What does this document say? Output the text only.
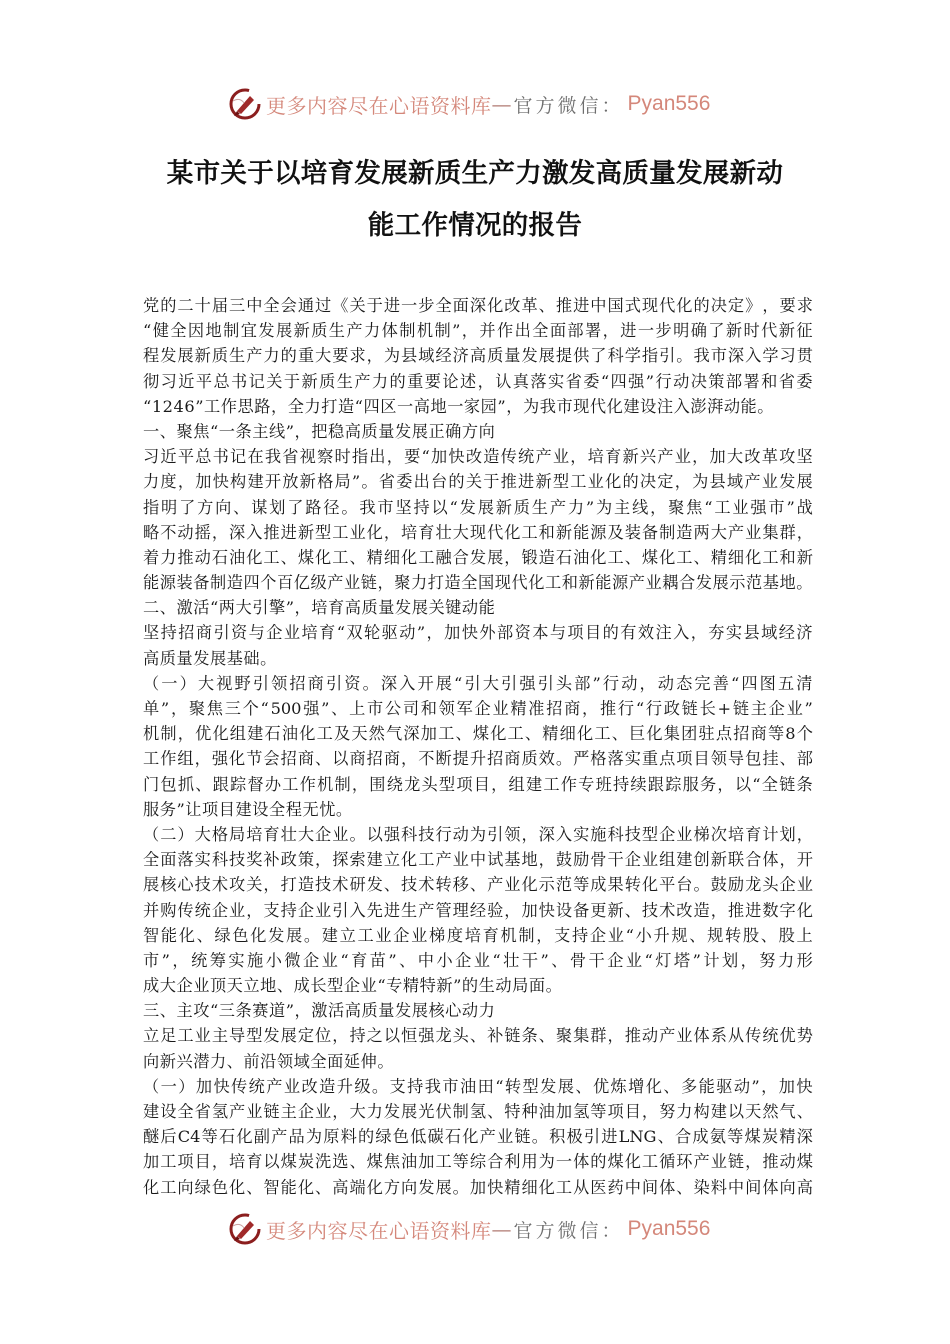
更多内容尽在心语资料库 — 官方微信： Pyan556
某市关于以培育发展新质生产力激发高质量发展新动
能工作情况的报告
党 的 二 十 届 三 中 全 会 通 过 《 关 于 进 一 步 全 面 深 化 改 革 、 推 进 中 国 式 现 代 化 的 决 定 》 ， 要 求
“ 健 全 因 地 制 宜 发 展 新 质 生 产 力 体 制 机 制 ” ， 并 作 出 全 面 部 署 ， 进 一 步 明 确 了 新 时 代 新 征
程 发 展 新 质 生 产 力 的 重 大 要 求 ， 为 县 域 经 济 高 质 量 发 展 提 供 了 科 学 指 引 。 我 市 深 入 学 习 贯
彻 习 近 平 总 书 记 关 于 新 质 生 产 力 的 重 要 论 述 ， 认 真 落 实 省 委 “ 四 强 ” 行 动 决 策 部 署 和 省 委
“1246”工作思路，全力打造“四区一高地一家园”，为我市现代化建设注入澎湃动能。
一、聚焦“一条主线”，把稳高质量发展正确方向
习 近 平 总 书 记 在 我 省 视 察 时 指 出 ， 要 “ 加 快 改 造 传 统 产 业 ， 培 育 新 兴 产 业 ， 加 大 改 革 攻 坚
力 度 ， 加 快 构 建 开 放 新 格 局 ” 。 省 委 出 台 的 关 于 推 进 新 型 工 业 化 的 决 定 ， 为 县 域 产 业 发 展
指 明 了 方 向 、 谋 划 了 路 径 。 我 市 坚 持 以 “ 发 展 新 质 生 产 力 ” 为 主 线 ， 聚 焦 “ 工 业 强 市 ” 战
略 不 动 摇 ， 深 入 推 进 新 型 工 业 化 ， 培 育 壮 大 现 代 化 工 和 新 能 源 及 装 备 制 造 两 大 产 业 集 群 ，
着 力 推 动 石 油 化 工 、 煤 化 工 、 精 细 化 工 融 合 发 展 ， 锻 造 石 油 化 工 、 煤 化 工 、 精 细 化 工 和 新
能 源 装 备 制 造 四 个 百 亿 级 产 业 链 ， 聚 力 打 造 全 国 现 代 化 工 和 新 能 源 产 业 耦 合 发 展 示 范 基 地 。
二、激活“两大引擎”，培育高质量发展关键动能
坚 持 招 商 引 资 与 企 业 培 育 “ 双 轮 驱 动 ” ， 加 快 外 部 资 本 与 项 目 的 有 效 注 入 ， 夯 实 县 域 经 济
高质量发展基础。
（ 一 ） 大 视 野 引 领 招 商 引 资 。 深 入 开 展 “ 引 大 引 强 引 头 部 ” 行 动 ， 动 态 完 善 “ 四 图 五 清
单 ” ， 聚 焦 三 个 “ 500 强 ” 、 上 市 公 司 和 领 军 企 业 精 准 招 商 ， 推 行 “ 行 政 链 长 + 链 主 企 业 ”
机 制 ， 优 化 组 建 石 油 化 工 及 天 然 气 深 加 工 、 煤 化 工 、 精 细 化 工 、 巨 化 集 团 驻 点 招 商 等 8 个
工 作 组 ， 强 化 节 会 招 商 、 以 商 招 商 ， 不 断 提 升 招 商 质 效 。 严 格 落 实 重 点 项 目 领 导 包 挂 、 部
门 包 抓 、 跟 踪 督 办 工 作 机 制 ， 围 绕 龙 头 型 项 目 ， 组 建 工 作 专 班 持 续 跟 踪 服 务 ， 以 “ 全 链 条
服务”让项目建设全程无忧。
（ 二 ） 大 格 局 培 育 壮 大 企 业 。 以 强 科 技 行 动 为 引 领 ， 深 入 实 施 科 技 型 企 业 梯 次 培 育 计 划 ，
全 面 落 实 科 技 奖 补 政 策 ， 探 索 建 立 化 工 产 业 中 试 基 地 ， 鼓 励 骨 干 企 业 组 建 创 新 联 合 体 ， 开
展 核 心 技 术 攻 关 ， 打 造 技 术 研 发 、 技 术 转 移 、 产 业 化 示 范 等 成 果 转 化 平 台 。 鼓 励 龙 头 企 业
并 购 传 统 企 业 ， 支 持 企 业 引 入 先 进 生 产 管 理 经 验 ， 加 快 设 备 更 新 、 技 术 改 造 ， 推 进 数 字 化
智 能 化 、 绿 色 化 发 展 。 建 立 工 业 企 业 梯 度 培 育 机 制 ， 支 持 企 业 “ 小 升 规 、 规 转 股 、 股 上
市 ” ， 统 筹 实 施 小 微 企 业 “ 育 苗 ” 、 中 小 企 业 “ 壮 干 ” 、 骨 干 企 业 “ 灯 塔 ” 计 划 ， 努 力 形
成大企业顶天立地、成长型企业“专精特新”的生动局面。
三、主攻“三条赛道”，激活高质量发展核心动力
立 足 工 业 主 导 型 发 展 定 位 ， 持 之 以 恒 强 龙 头 、 补 链 条 、 聚 集 群 ， 推 动 产 业 体 系 从 传 统 优 势
向新兴潜力、前沿领域全面延伸。
（ 一 ） 加 快 传 统 产 业 改 造 升 级 。 支 持 我 市 油 田 “ 转 型 发 展 、 优 炼 增 化 、 多 能 驱 动 ” ， 加 快
建 设 全 省 氢 产 业 链 主 企 业 ， 大 力 发 展 光 伏 制 氢 、 特 种 油 加 氢 等 项 目 ， 努 力 构 建 以 天 然 气 、
醚 后 C4 等 石 化 副 产 品 为 原 料 的 绿 色 低 碳 石 化 产 业 链 。 积 极 引 进 LNG 、 合 成 氨 等 煤 炭 精 深
加 工 项 目 ， 培 育 以 煤 炭 洗 选 、 煤 焦 油 加 工 等 综 合 利 用 为 一 体 的 煤 化 工 循 环 产 业 链 ， 推 动 煤
化 工 向 绿 色 化 、 智 能 化 、 高 端 化 方 向 发 展 。 加 快 精 细 化 工 从 医 药 中 间 体 、 染 料 中 间 体 向 高
更多内容尽在心语资料库 — 官方微信： Pyan556
